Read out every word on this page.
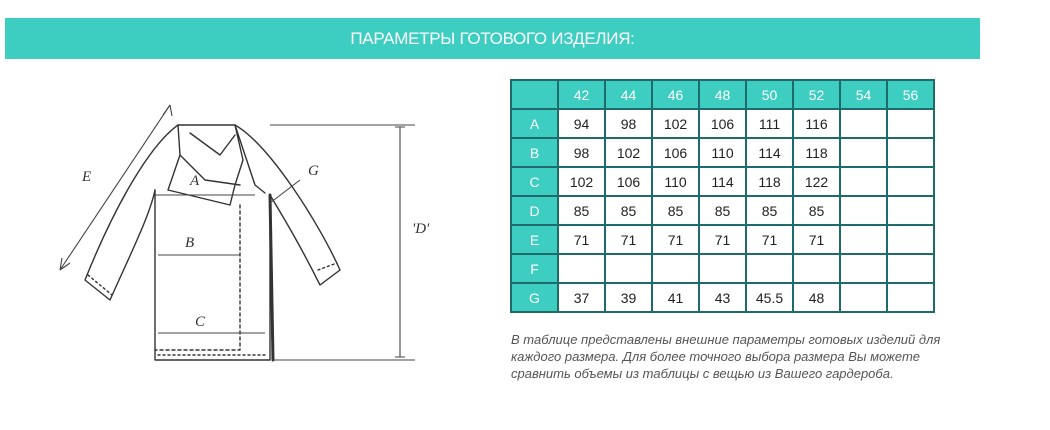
ПАРАМЕТРЫ ГОТОВОГО ИЗДЕЛИЯ:
E	A
G
B
'D'
C
	42	44	46	48	50	52	54	56
A	94	98	102	106	111	116		
B	98	102	106	110	114	118		
C	102	106	110	114	118	122		
D	85	85	85	85	85	85		
E	71	71	71	71	71	71		
F								
G	37	39	41	43	45.5	48		
В таблице представлены внешние параметры готовых изделий для каждого размера. Для более точного выбора размера Вы можете сравнить объемы из таблицы с вещью из Вашего гардероба.
